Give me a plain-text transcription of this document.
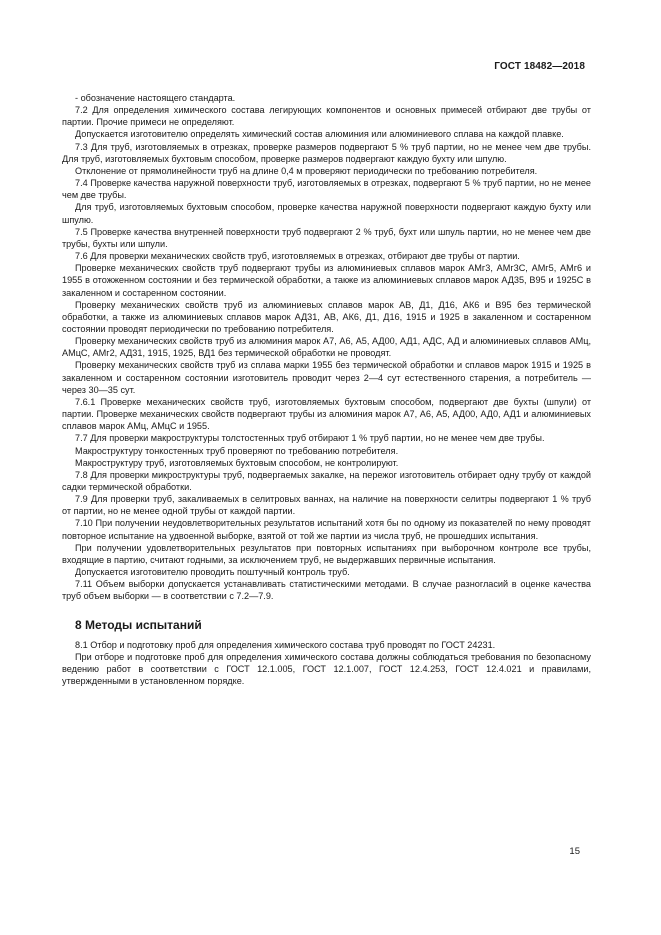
ГОСТ 18482—2018

- обозначение настоящего стандарта.

7.2 Для определения химического состава легирующих компонентов и основных примесей отбирают две трубы от партии. Прочие примеси не определяют.

Допускается изготовителю определять химический состав алюминия или алюминиевого сплава на каждой плавке.

7.3 Для труб, изготовляемых в отрезках, проверке размеров подвергают 5 % труб партии, но не менее чем две трубы. Для труб, изготовляемых бухтовым способом, проверке размеров подвергают каждую бухту или шпулю.

Отклонение от прямолинейности труб на длине 0,4 м проверяют периодически по требованию потребителя.

7.4 Проверке качества наружной поверхности труб, изготовляемых в отрезках, подвергают 5 % труб партии, но не менее чем две трубы.

Для труб, изготовляемых бухтовым способом, проверке качества наружной поверхности подвергают каждую бухту или шпулю.

7.5 Проверке качества внутренней поверхности труб подвергают 2 % труб, бухт или шпуль партии, но не менее чем две трубы, бухты или шпули.

7.6 Для проверки механических свойств труб, изготовляемых в отрезках, отбирают две трубы от партии.

Проверке механических свойств труб подвергают трубы из алюминиевых сплавов марок АМг3, АМг3С, АМг5, АМг6 и 1955 в отожженном состоянии и без термической обработки, а также из алюминиевых сплавов марок АД35, В95 и 1925С в закаленном и состаренном состоянии.

Проверку механических свойств труб из алюминиевых сплавов марок АВ, Д1, Д16, АК6 и В95 без термической обработки, а также из алюминиевых сплавов марок АД31, АВ, АК6, Д1, Д16, 1915 и 1925 в закаленном и состаренном состоянии проводят периодически по требованию потребителя.

Проверку механических свойств труб из алюминия марок А7, А6, А5, АД00, АД1, АДС, АД и алюминиевых сплавов АМц, АМцС, АМг2, АД31, 1915, 1925, ВД1 без термической обработки не проводят.

Проверку механических свойств труб из сплава марки 1955 без термической обработки и сплавов марок 1915 и 1925 в закаленном и состаренном состоянии изготовитель проводит через 2—4 сут естественного старения, а потребитель — через 30—35 сут.

7.6.1 Проверке механических свойств труб, изготовляемых бухтовым способом, подвергают две бухты (шпули) от партии. Проверке механических свойств подвергают трубы из алюминия марок А7, А6, А5, АД00, АД0, АД1 и алюминиевых сплавов марок АМц, АМцС и 1955.

7.7 Для проверки макроструктуры толстостенных труб отбирают 1 % труб партии, но не менее чем две трубы.

Макроструктуру тонкостенных труб проверяют по требованию потребителя.

Макроструктуру труб, изготовляемых бухтовым способом, не контролируют.

7.8 Для проверки микроструктуры труб, подвергаемых закалке, на пережог изготовитель отбирает одну трубу от каждой садки термической обработки.

7.9 Для проверки труб, закаливаемых в селитровых ваннах, на наличие на поверхности селитры подвергают 1 % труб от партии, но не менее одной трубы от каждой партии.

7.10 При получении неудовлетворительных результатов испытаний хотя бы по одному из показателей по нему проводят повторное испытание на удвоенной выборке, взятой от той же партии из числа труб, не прошедших испытания.

При получении удовлетворительных результатов при повторных испытаниях при выборочном контроле все трубы, входящие в партию, считают годными, за исключением труб, не выдержавших первичные испытания.

Допускается изготовителю проводить поштучный контроль труб.

7.11 Объем выборки допускается устанавливать статистическими методами. В случае разногласий в оценке качества труб объем выборки — в соответствии с 7.2—7.9.

8 Методы испытаний

8.1 Отбор и подготовку проб для определения химического состава труб проводят по ГОСТ 24231.

При отборе и подготовке проб для определения химического состава должны соблюдаться требования по безопасному ведению работ в соответствии с ГОСТ 12.1.005, ГОСТ 12.1.007, ГОСТ 12.4.253, ГОСТ 12.4.021 и правилами, утвержденными в установленном порядке.

15
